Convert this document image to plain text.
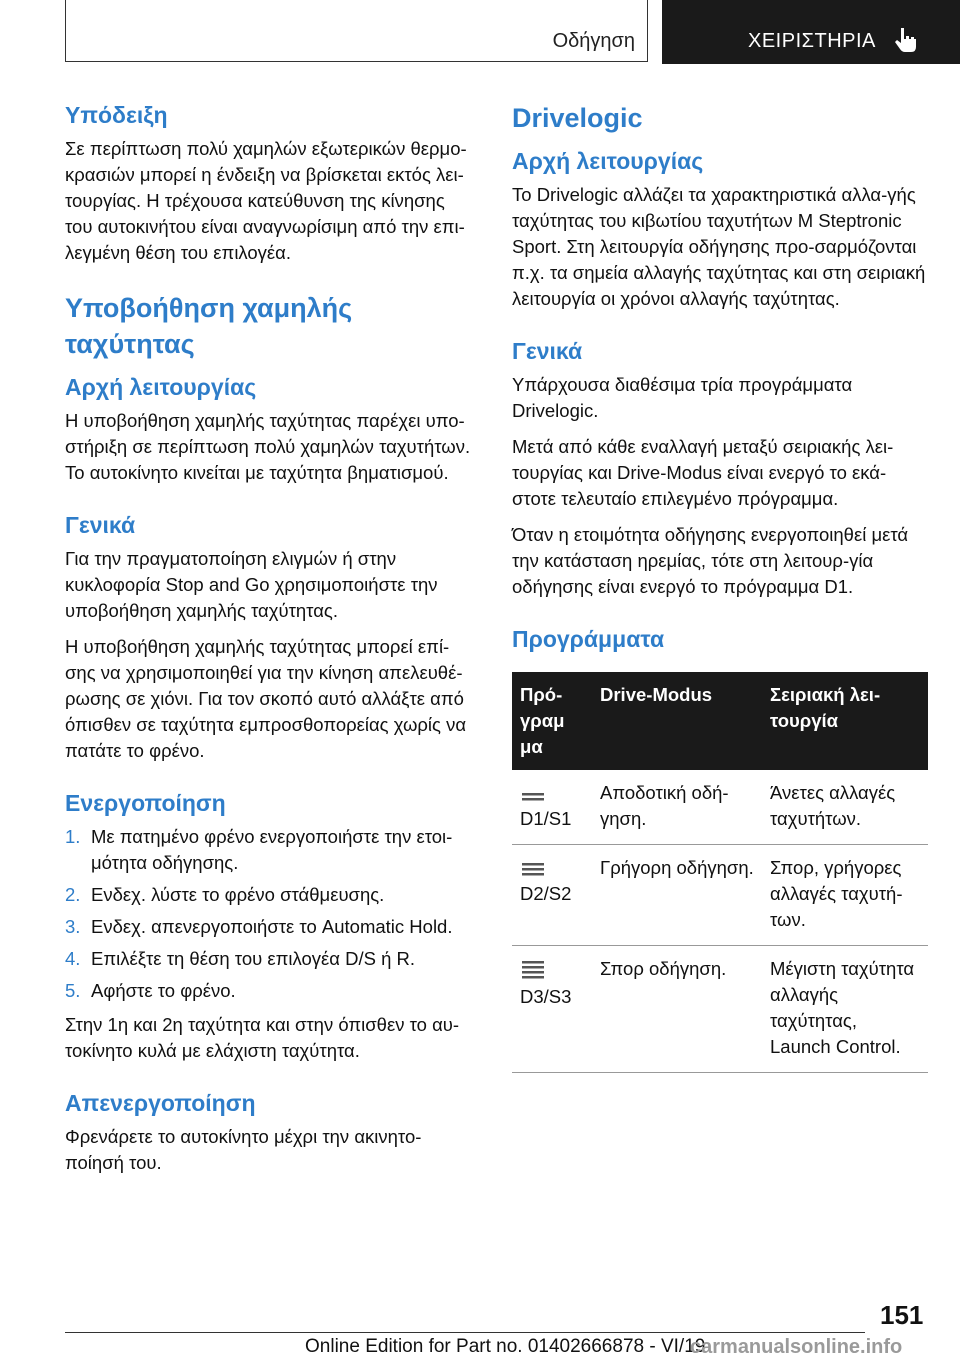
Οδήγηση	ΧΕΙΡΙΣΤΗΡΙΑ
Υπόδειξη
Σε περίπτωση πολύ χαμηλών εξωτερικών θερμο-κρασιών μπορεί η ένδειξη να βρίσκεται εκτός λει-τουργίας. Η τρέχουσα κατεύθυνση της κίνησης του αυτοκινήτου είναι αναγνωρίσιμη από την επι-λεγμένη θέση του επιλογέα.
Υποβοήθηση χαμηλής ταχύτητας
Αρχή λειτουργίας
Η υποβοήθηση χαμηλής ταχύτητας παρέχει υπο-στήριξη σε περίπτωση πολύ χαμηλών ταχυτήτων. Το αυτοκίνητο κινείται με ταχύτητα βηματισμού.
Γενικά
Για την πραγματοποίηση ελιγμών ή στην κυκλοφορία Stop and Go χρησιμοποιήστε την υποβοήθηση χαμηλής ταχύτητας.
Η υποβοήθηση χαμηλής ταχύτητας μπορεί επί-σης να χρησιμοποιηθεί για την κίνηση απελευθέ-ρωσης σε χιόνι. Για τον σκοπό αυτό αλλάξτε από όπισθεν σε ταχύτητα εμπροσθοπορείας χωρίς να πατάτε το φρένο.
Ενεργοποίηση
1. Με πατημένο φρένο ενεργοποιήστε την ετοι-μότητα οδήγησης.
2. Ενδεχ. λύστε το φρένο στάθμευσης.
3. Ενδεχ. απενεργοποιήστε το Automatic Hold.
4. Επιλέξτε τη θέση του επιλογέα D/S ή R.
5. Αφήστε το φρένο.
Στην 1η και 2η ταχύτητα και στην όπισθεν το αυ-τοκίνητο κυλά με ελάχιστη ταχύτητα.
Απενεργοποίηση
Φρενάρετε το αυτοκίνητο μέχρι την ακινητο-ποίησή του.
Drivelogic
Αρχή λειτουργίας
Το Drivelogic αλλάζει τα χαρακτηριστικά αλλα-γής ταχύτητας του κιβωτίου ταχυτήτων M Steptronic Sport. Στη λειτουργία οδήγησης προ-σαρμόζονται π.χ. τα σημεία αλλαγής ταχύτητας και στη σειριακή λειτουργία οι χρόνοι αλλαγής ταχύτητας.
Γενικά
Υπάρχουσα διαθέσιμα τρία προγράμματα Drivelogic.
Μετά από κάθε εναλλαγή μεταξύ σειριακής λει-τουργίας και Drive-Modus είναι ενεργό το εκά-στοτε τελευταίο επιλεγμένο πρόγραμμα.
Όταν η ετοιμότητα οδήγησης ενεργοποιηθεί μετά την κατάσταση ηρεμίας, τότε στη λειτουρ-γία οδήγησης είναι ενεργό το πρόγραμμα D1.
Προγράμματα
Πρό-γραμ μα	Drive-Modus	Σειριακή λει-τουργία

D1/S1	Αποδοτική οδή-γηση.	Άνετες αλλαγές ταχυτήτων.

D2/S2	Γρήγορη οδήγηση.	Σπορ, γρήγορες αλλαγές ταχυτή-των.

D3/S3	Σπορ οδήγηση.	Μέγιστη ταχύτητα αλλαγής ταχύτητας, Launch Control.
151
Online Edition for Part no. 01402666878 - VI/19
carmanualsonline.info
